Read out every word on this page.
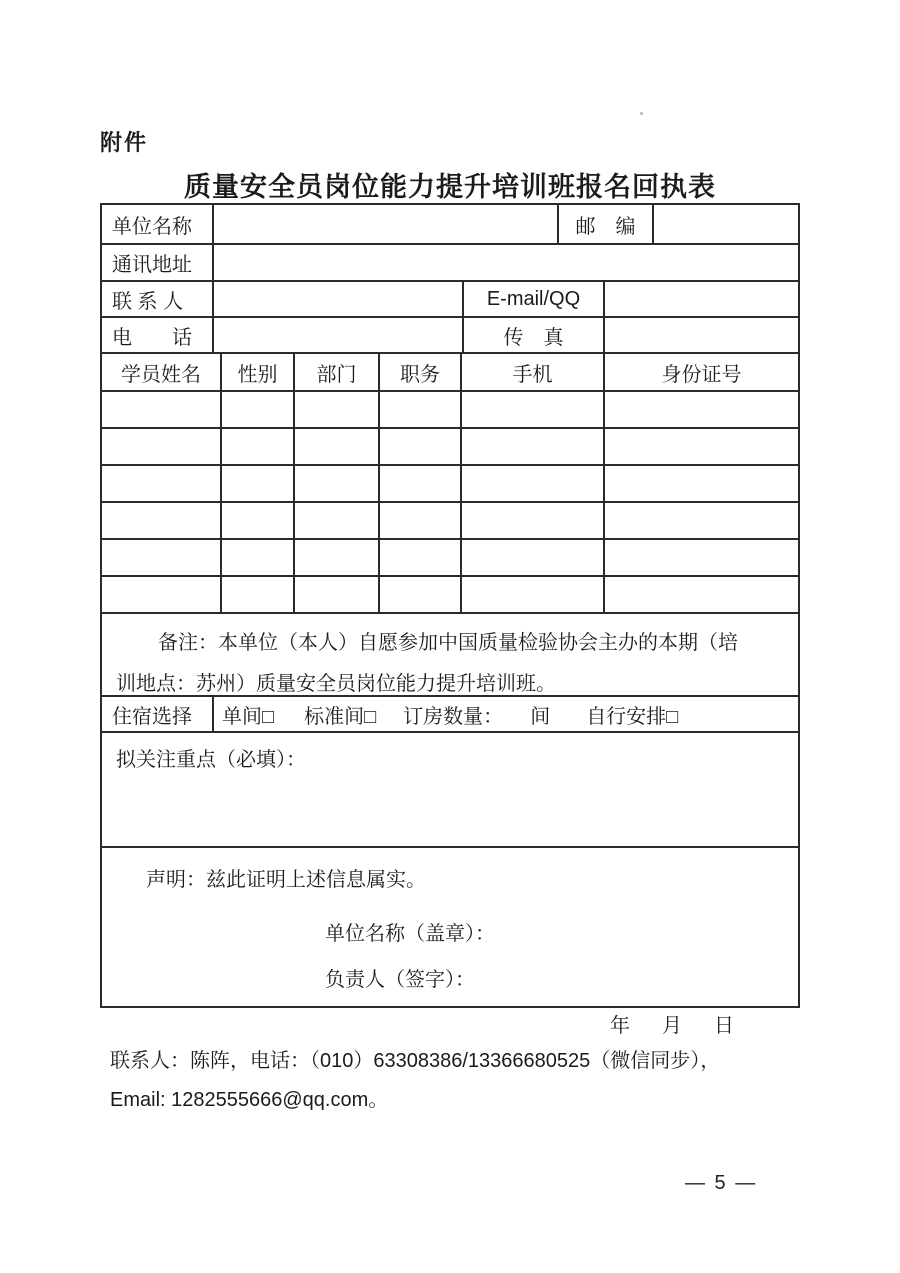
附件
质量安全员岗位能力提升培训班报名回执表
单位名称	邮　编
通讯地址
联 系 人	E-mail/QQ
电　　话	传　真
学员姓名	性别	部门	职务	手机	身份证号
备注：本单位（本人）自愿参加中国质量检验协会主办的本期（培
训地点：苏州）质量安全员岗位能力提升培训班。
住宿选择	单间□ 标准间□ 订房数量： 间 自行安排□
拟关注重点（必填）：
声明：兹此证明上述信息属实。
单位名称（盖章）：
负责人（签字）：
年 月 日
联系人：陈阵，电话：（010）63308386/13366680525（微信同步），
Email: 1282555666@qq.com。
— 5 —
